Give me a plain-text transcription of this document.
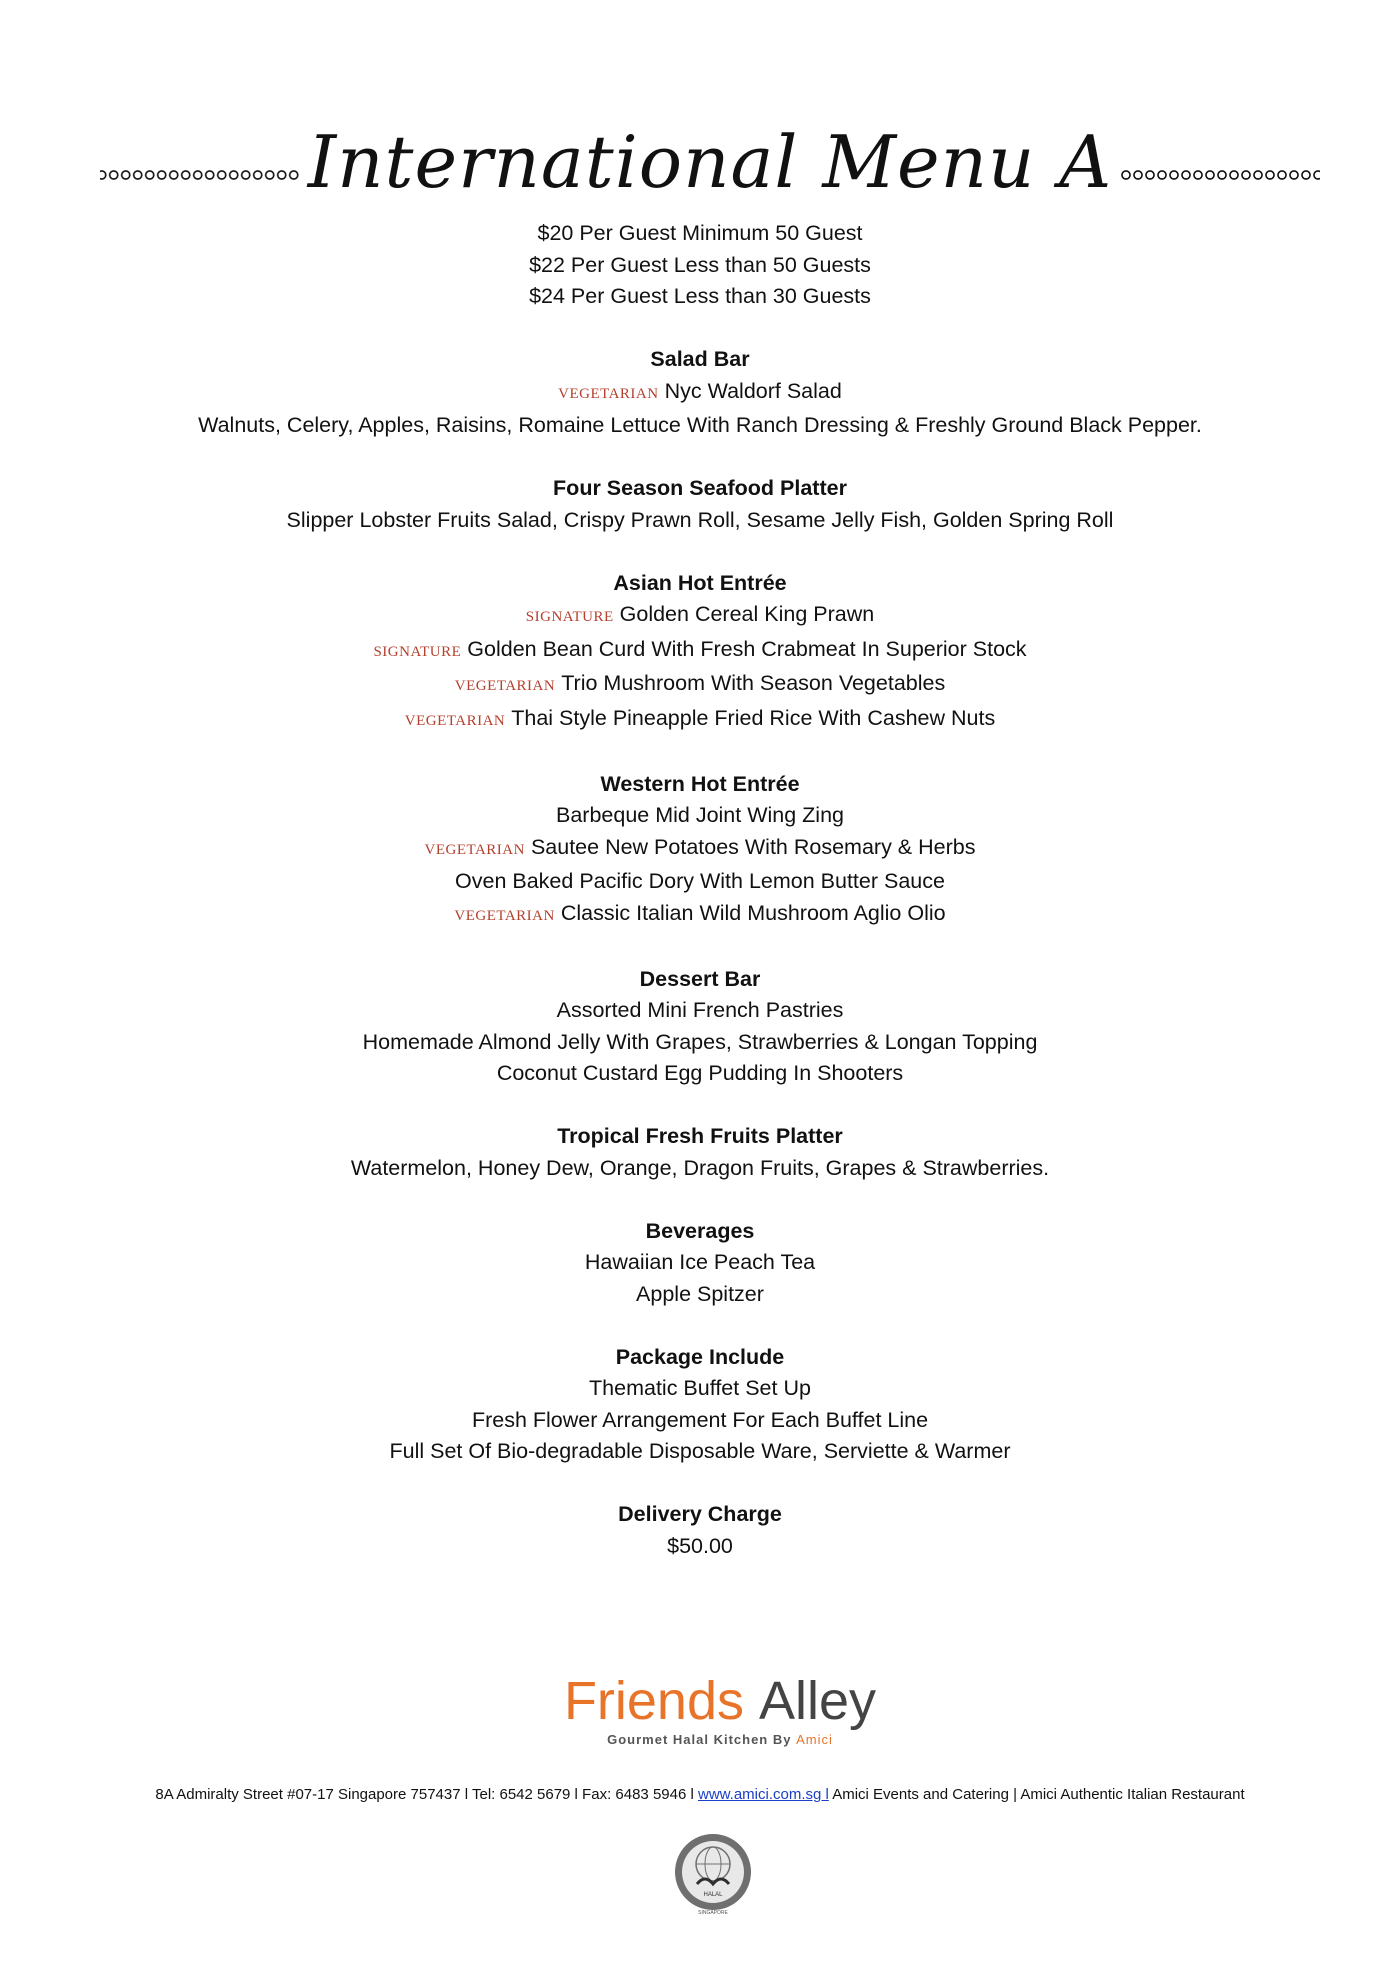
International Menu A
$20 Per Guest Minimum 50 Guest
$22 Per Guest Less than 50 Guests
$24 Per Guest Less than 30 Guests
Salad Bar
VEGETARIAN Nyc Waldorf Salad
Walnuts, Celery, Apples, Raisins, Romaine Lettuce With Ranch Dressing & Freshly Ground Black Pepper.
Four Season Seafood Platter
Slipper Lobster Fruits Salad, Crispy Prawn Roll, Sesame Jelly Fish, Golden Spring Roll
Asian Hot Entrée
SIGNATURE Golden Cereal King Prawn
SIGNATURE Golden Bean Curd With Fresh Crabmeat In Superior Stock
VEGETARIAN Trio Mushroom With Season Vegetables
VEGETARIAN Thai Style Pineapple Fried Rice With Cashew Nuts
Western Hot Entrée
Barbeque Mid Joint Wing Zing
VEGETARIAN Sautee New Potatoes With Rosemary & Herbs
Oven Baked Pacific Dory With Lemon Butter Sauce
VEGETARIAN Classic Italian Wild Mushroom Aglio Olio
Dessert Bar
Assorted Mini French Pastries
Homemade Almond Jelly With Grapes, Strawberries & Longan Topping
Coconut Custard Egg Pudding In Shooters
Tropical Fresh Fruits Platter
Watermelon, Honey Dew, Orange, Dragon Fruits, Grapes & Strawberries.
Beverages
Hawaiian Ice Peach Tea
Apple Spitzer
Package Include
Thematic Buffet Set Up
Fresh Flower Arrangement For Each Buffet Line
Full Set Of Bio-degradable Disposable Ware, Serviette & Warmer
Delivery Charge
$50.00
Friends Alley
Gourmet Halal Kitchen By Amici
8A Admiralty Street #07-17 Singapore 757437 l Tel: 6542 5679 l Fax: 6483 5946 l www.amici.com.sg l Amici Events and Catering | Amici Authentic Italian Restaurant
HALAL
SINGAPORE
